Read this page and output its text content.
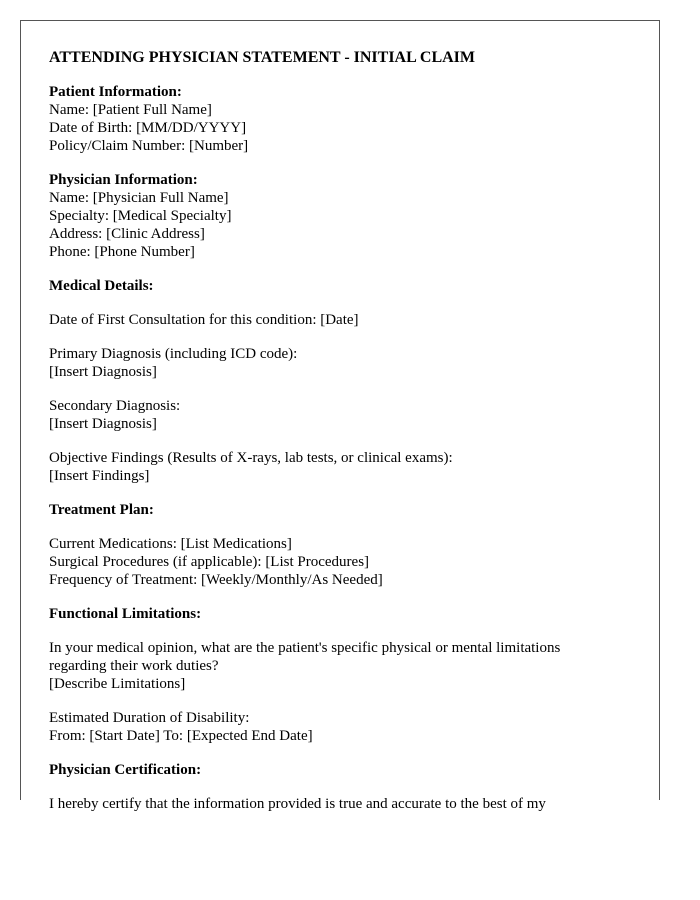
ATTENDING PHYSICIAN STATEMENT - INITIAL CLAIM
Patient Information:
Name: [Patient Full Name]
Date of Birth: [MM/DD/YYYY]
Policy/Claim Number: [Number]
Physician Information:
Name: [Physician Full Name]
Specialty: [Medical Specialty]
Address: [Clinic Address]
Phone: [Phone Number]
Medical Details:
Date of First Consultation for this condition: [Date]
Primary Diagnosis (including ICD code):
[Insert Diagnosis]
Secondary Diagnosis:
[Insert Diagnosis]
Objective Findings (Results of X-rays, lab tests, or clinical exams):
[Insert Findings]
Treatment Plan:
Current Medications: [List Medications]
Surgical Procedures (if applicable): [List Procedures]
Frequency of Treatment: [Weekly/Monthly/As Needed]
Functional Limitations:
In your medical opinion, what are the patient's specific physical or mental limitations
regarding their work duties?
[Describe Limitations]
Estimated Duration of Disability:
From: [Start Date] To: [Expected End Date]
Physician Certification:
I hereby certify that the information provided is true and accurate to the best of my
